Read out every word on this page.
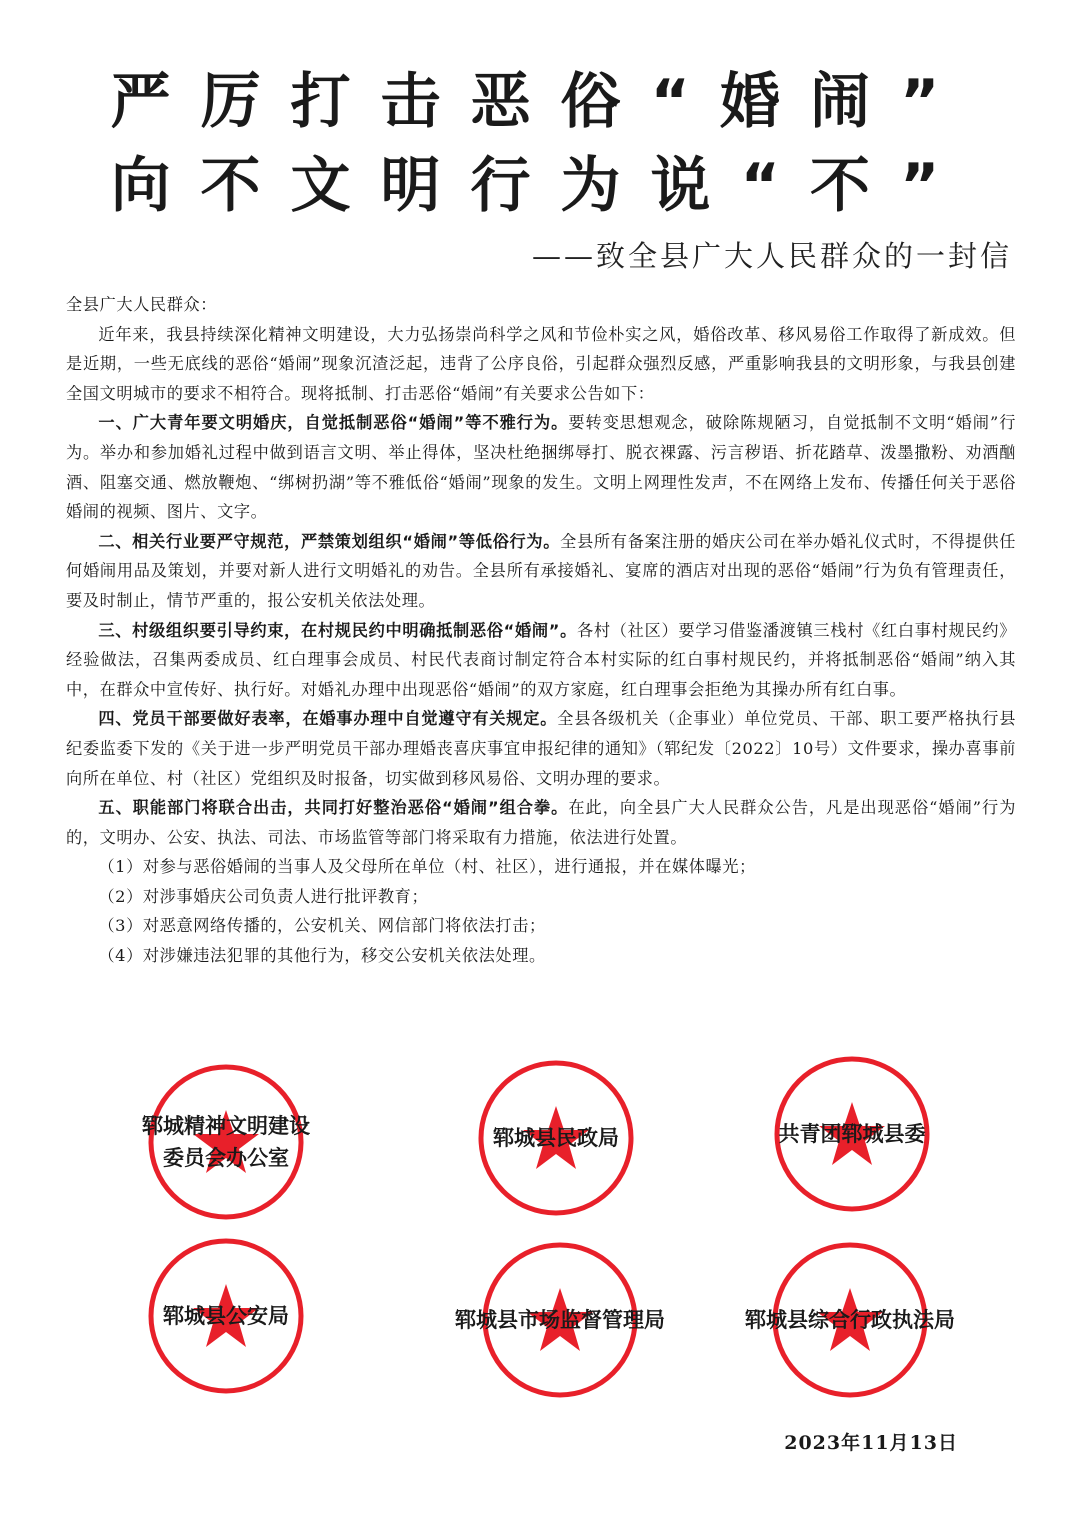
严厉打击恶俗“婚闹”
向不文明行为说“不”
——致全县广大人民群众的一封信

全县广大人民群众：

近年来，我县持续深化精神文明建设，大力弘扬崇尚科学之风和节俭朴实之风，婚俗改革、移风易俗工作取得了新成效。但是近期，一些无底线的恶俗“婚闹”现象沉渣泛起，违背了公序良俗，引起群众强烈反感，严重影响我县的文明形象，与我县创建全国文明城市的要求不相符合。现将抵制、打击恶俗“婚闹”有关要求公告如下：

一、广大青年要文明婚庆，自觉抵制恶俗“婚闹”等不雅行为。要转变思想观念，破除陈规陋习，自觉抵制不文明“婚闹”行为。举办和参加婚礼过程中做到语言文明、举止得体，坚决杜绝捆绑辱打、脱衣裸露、污言秽语、折花踏草、泼墨撒粉、劝酒酗酒、阻塞交通、燃放鞭炮、“绑树扔湖”等不雅低俗“婚闹”现象的发生。文明上网理性发声，不在网络上发布、传播任何关于恶俗婚闹的视频、图片、文字。

二、相关行业要严守规范，严禁策划组织“婚闹”等低俗行为。全县所有备案注册的婚庆公司在举办婚礼仪式时，不得提供任何婚闹用品及策划，并要对新人进行文明婚礼的劝告。全县所有承接婚礼、宴席的酒店对出现的恶俗“婚闹”行为负有管理责任，要及时制止，情节严重的，报公安机关依法处理。

三、村级组织要引导约束，在村规民约中明确抵制恶俗“婚闹”。各村（社区）要学习借鉴潘渡镇三栈村《红白事村规民约》经验做法，召集两委成员、红白理事会成员、村民代表商讨制定符合本村实际的红白事村规民约，并将抵制恶俗“婚闹”纳入其中，在群众中宣传好、执行好。对婚礼办理中出现恶俗“婚闹”的双方家庭，红白理事会拒绝为其操办所有红白事。

四、党员干部要做好表率，在婚事办理中自觉遵守有关规定。全县各级机关（企事业）单位党员、干部、职工要严格执行县纪委监委下发的《关于进一步严明党员干部办理婚丧喜庆事宜申报纪律的通知》（郓纪发〔2022〕10号）文件要求，操办喜事前向所在单位、村（社区）党组织及时报备，切实做到移风易俗、文明办理的要求。

五、职能部门将联合出击，共同打好整治恶俗“婚闹”组合拳。在此，向全县广大人民群众公告，凡是出现恶俗“婚闹”行为的，文明办、公安、执法、司法、市场监管等部门将采取有力措施，依法进行处置。

（1）对参与恶俗婚闹的当事人及父母所在单位（村、社区），进行通报，并在媒体曝光；

（2）对涉事婚庆公司负责人进行批评教育；

（3）对恶意网络传播的，公安机关、网信部门将依法打击；

（4）对涉嫌违法犯罪的其他行为，移交公安机关依法处理。

郓城精神文明建设
委员会办公室
郓城县民政局	共青团郓城县委
郓城县公安局	郓城县市场监督管理局	郓城县综合行政执法局
2023年11月13日
